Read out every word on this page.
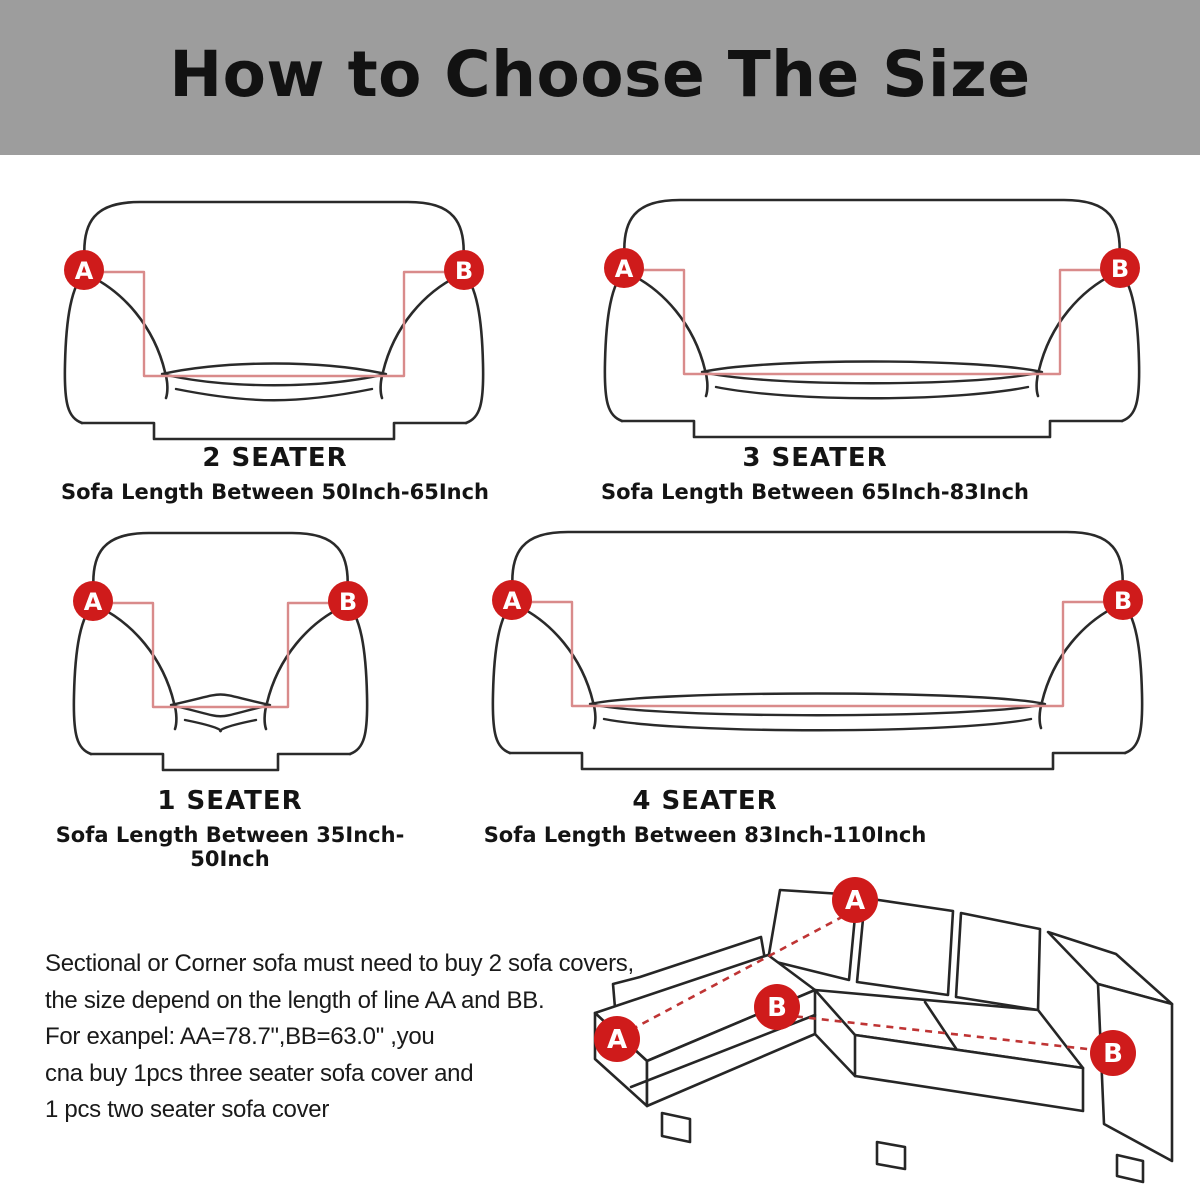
How to Choose The Size
A	B	A	B
A	B	A	B
2 SEATER
Sofa Length Between 50Inch-65Inch
3 SEATER
Sofa Length Between 65Inch-83Inch
1 SEATER
Sofa Length Between 35Inch-50Inch
4 SEATER
Sofa Length Between 83Inch-110Inch
Sectional or Corner sofa must need to buy 2 sofa covers,
the size depend on the length of line AA and BB.
For exanpel: AA=78.7",BB=63.0" ,you
cna buy 1pcs three seater sofa cover and
1 pcs two seater sofa cover
A
A
B
B
